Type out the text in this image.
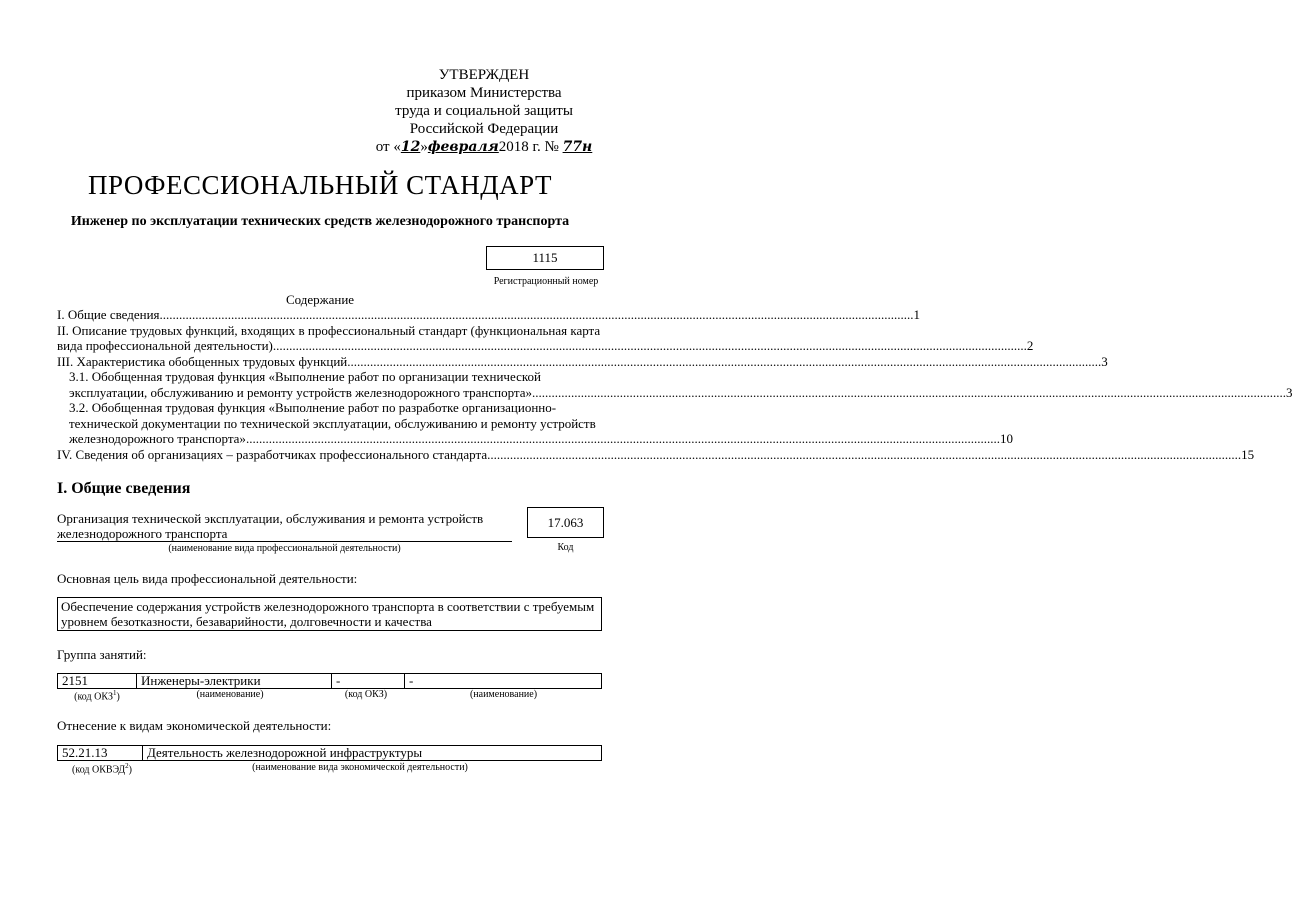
УТВЕРЖДЕН
приказом Министерства
труда и социальной защиты
Российской Федерации
от «12»февраля2018 г. № 77н
ПРОФЕССИОНАЛЬНЫЙ СТАНДАРТ
Инженер по эксплуатации технических средств железнодорожного транспорта
1115
Регистрационный номер
Содержание
I. Общие сведения .....	1
II. Описание трудовых функций, входящих в профессиональный стандарт (функциональная карта
вида профессиональной деятельности) .....	2
III. Характеристика обобщенных трудовых функций .....	3
3.1. Обобщенная трудовая функция «Выполнение работ по организации технической
эксплуатации, обслуживанию и ремонту устройств железнодорожного транспорта» .....	3
3.2. Обобщенная трудовая функция «Выполнение работ по разработке организационно-
технической документации по технической эксплуатации, обслуживанию и ремонту устройств
железнодорожного транспорта» .....	10
IV. Сведения об организациях – разработчиках профессионального стандарта .....	15
I. Общие сведения
Организация технической эксплуатации, обслуживания и ремонта устройств
железнодорожного транспорта
(наименование вида профессиональной деятельности)
17.063
Код
Основная цель вида профессиональной деятельности:
Обеспечение содержания устройств железнодорожного транспорта в соответствии с требуемым
уровнем безотказности, безаварийности, долговечности и качества
Группа занятий:
2151	Инженеры-электрики	-	-
(код ОКЗ$^1$)	(наименование)	(код ОКЗ)	(наименование)
Отнесение к видам экономической деятельности:
52.21.13	Деятельность железнодорожной инфраструктуры
(код ОКВЭД$^2$)	(наименование вида экономической деятельности)
